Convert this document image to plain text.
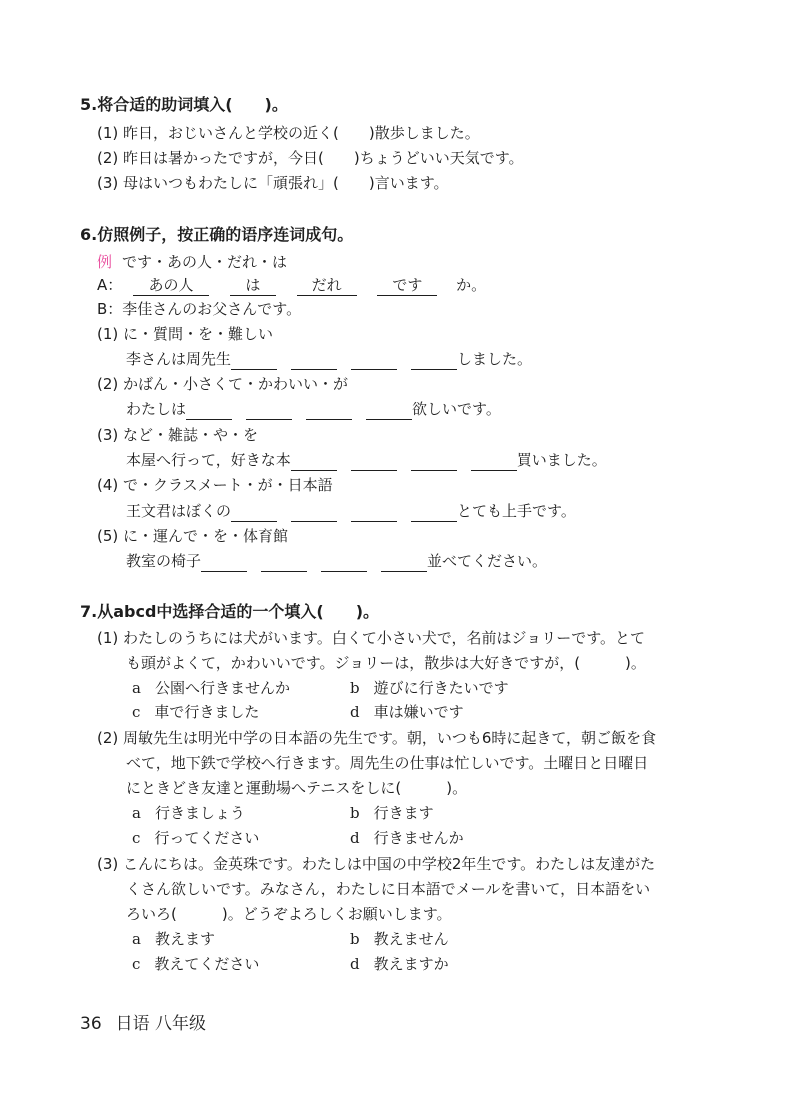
5.将合适的助词填入(　　)。
(1) 昨日，おじいさんと学校の近く(　　)散歩しました。
(2) 昨日は暑かったですが，今日(　　)ちょうどいい天気です。
(3) 母はいつもわたしに「頑張れ」(　　)言います。
6.仿照例子，按正确的语序连词成句。
例 です・あの人・だれ・は
A： あの人	は	だれ	です か。
B：李佳さんのお父さんです。
(1) に・質問・を・難しい
李さんは周先生	しました。
(2) かばん・小さくて・かわいい・が
わたしは	欲しいです。
(3) など・雑誌・や・を
本屋へ行って，好きな本	買いました。
(4) で・クラスメート・が・日本語
王文君はぼくの	とても上手です。
(5) に・運んで・を・体育館
教室の椅子	並べてください。
7.从abcd中选择合适的一个填入(　　)。
(1) わたしのうちには犬がいます。白くて小さい犬で，名前はジョリーです。とて
も頭がよくて，かわいいです。ジョリーは，散歩は大好きですが，(　　　)。
a 公園へ行きませんか	b 遊びに行きたいです
c 車で行きました	d 車は嫌いです
(2) 周敏先生は明光中学の日本語の先生です。朝，いつも6時に起きて，朝ご飯を食
べて，地下鉄で学校へ行きます。周先生の仕事は忙しいです。土曜日と日曜日
にときどき友達と運動場へテニスをしに(　　　)。
a 行きましょう	b 行きます
c 行ってください	d 行きませんか
(3) こんにちは。金英珠です。わたしは中国の中学校2年生です。わたしは友達がた
くさん欲しいです。みなさん，わたしに日本語でメールを書いて，日本語をい
ろいろ(　　　)。どうぞよろしくお願いします。
a 教えます	b 教えません
c 教えてください	d 教えますか
36 日语 八年级
